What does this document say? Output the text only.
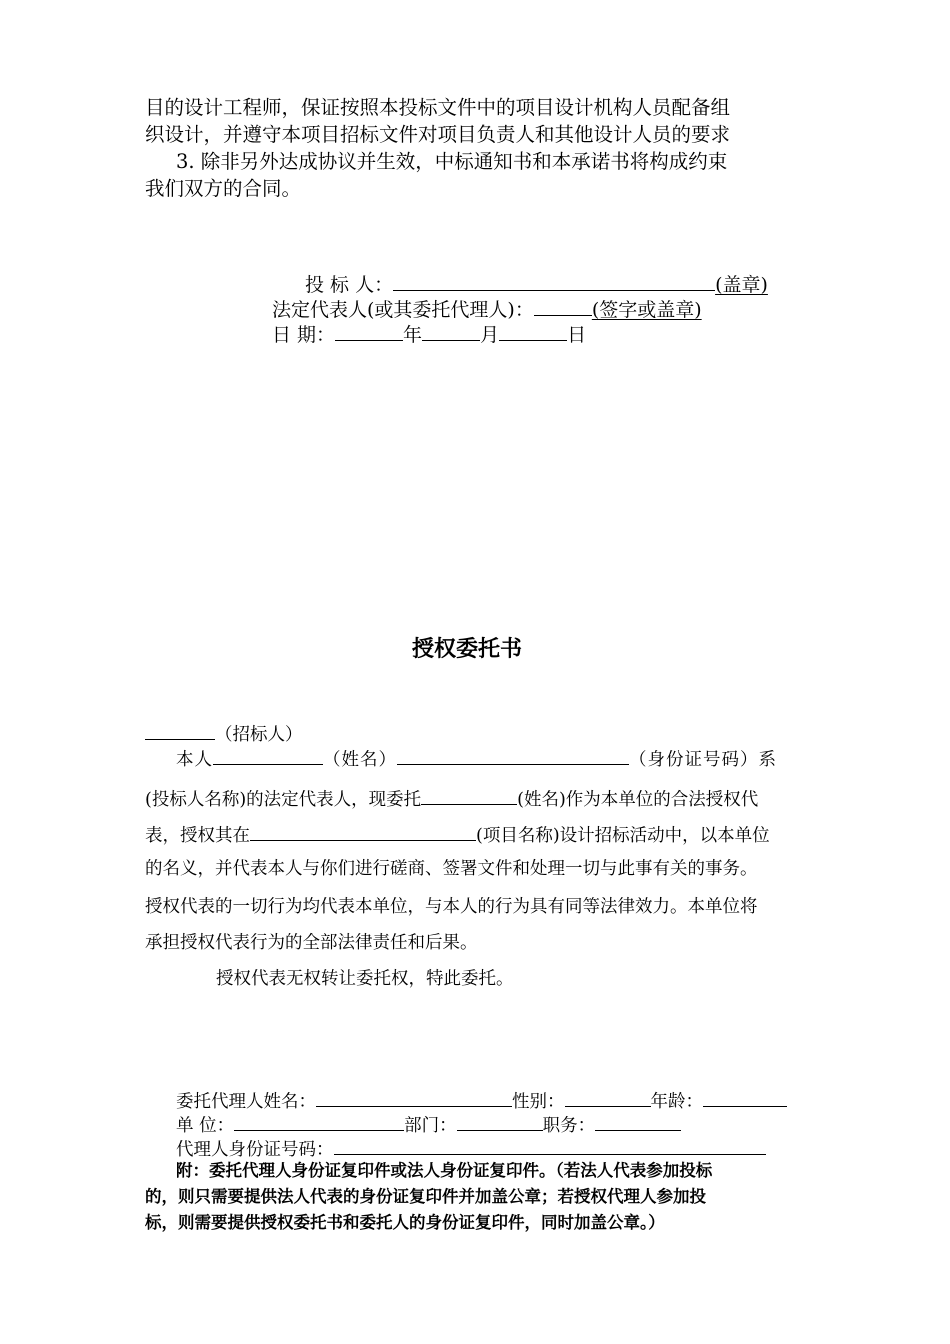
目的设计工程师，保证按照本投标文件中的项目设计机构人员配备组
织设计，并遵守本项目招标文件对项目负责人和其他设计人员的要求
3. 除非另外达成协议并生效，中标通知书和本承诺书将构成约束
我们双方的合同。
投 标 人：	(盖章)
法定代表人(或其委托代理人)：	(签字或盖章)
日 期：	年	月	日
授权委托书
（招标人）
本人	（姓名）	（身份证号码）系
(投标人名称)的法定代表人，现委托	(姓名)作为本单位的合法授权代
表，授权其在	(项目名称)设计招标活动中，以本单位
的名义，并代表本人与你们进行磋商、签署文件和处理一切与此事有关的事务。
授权代表的一切行为均代表本单位，与本人的行为具有同等法律效力。本单位将
承担授权代表行为的全部法律责任和后果。
授权代表无权转让委托权，特此委托。
委托代理人姓名：	性别：	年龄：
单 位：	部门：	职务：
代理人身份证号码：
附：委托代理人身份证复印件或法人身份证复印件。（若法人代表参加投标
的，则只需要提供法人代表的身份证复印件并加盖公章；若授权代理人参加投
标，则需要提供授权委托书和委托人的身份证复印件，同时加盖公章。）
